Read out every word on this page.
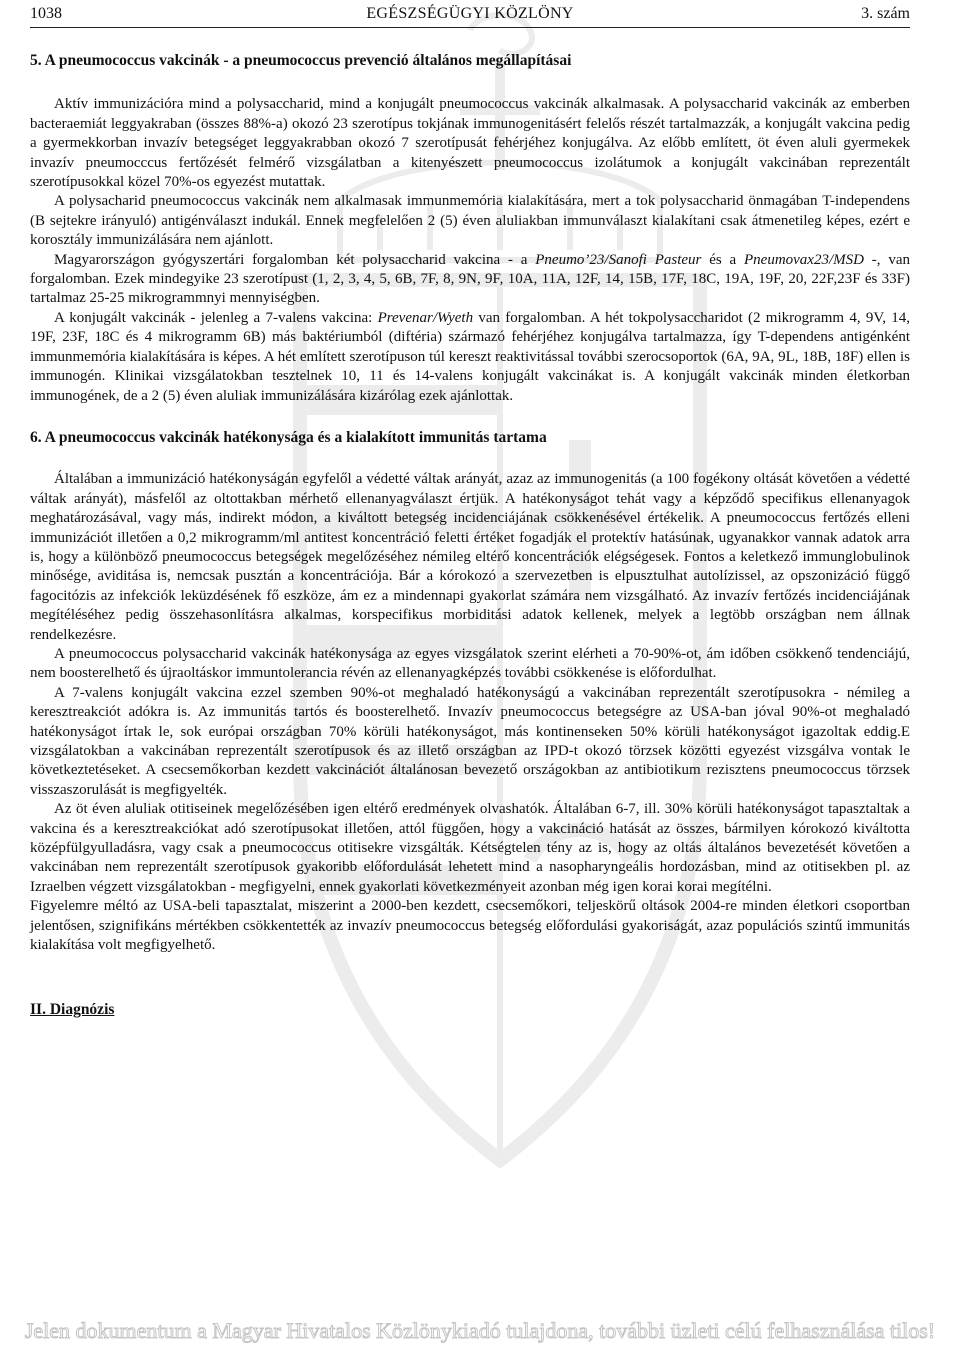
1038	EGÉSZSÉGÜGYI KÖZLÖNY	3. szám
5. A pneumococcus vakcinák - a pneumococcus prevenció általános megállapításai

Aktív immunizációra mind a polysaccharid, mind a konjugált pneumococcus vakcinák alkalmasak. A polysaccharid vakcinák az emberben bacteraemiát leggyakraban (összes 88%-a) okozó 23 szerotípus tokjának immunogenitásért felelős részét tartalmazzák, a konjugált vakcina pedig a gyermekkorban invazív betegséget leggyakrabban okozó 7 szerotípusát fehérjéhez konjugálva. Az előbb említett, öt éven aluli gyermekek invazív pneumocccus fertőzését felmérő vizsgálatban a kitenyészett pneumococcus izolátumok a konjugált vakcinában reprezentált szerotípusokkal közel 70%-os egyezést mutattak.

A polysacharid pneumococcus vakcinák nem alkalmasak immunmemória kialakítására, mert a tok polysaccharid önmagában T-independens (B sejtekre irányuló) antigénválaszt indukál. Ennek megfelelően 2 (5) éven aluliakban immunválaszt kialakítani csak átmenetileg képes, ezért e korosztály immunizálására nem ajánlott.

Magyarországon gyógyszertári forgalomban két polysaccharid vakcina - a Pneumo’23/Sanofi Pasteur és a Pneumovax23/MSD -, van forgalomban. Ezek mindegyike 23 szerotípust (1, 2, 3, 4, 5, 6B, 7F, 8, 9N, 9F, 10A, 11A, 12F, 14, 15B, 17F, 18C, 19A, 19F, 20, 22F,23F és 33F) tartalmaz 25-25 mikrogrammnyi mennyiségben.

A konjugált vakcinák - jelenleg a 7-valens vakcina: Prevenar/Wyeth van forgalomban. A hét tokpolysaccharidot (2 mikrogramm 4, 9V, 14, 19F, 23F, 18C és 4 mikrogramm 6B) más baktériumból (diftéria) származó fehérjéhez konjugálva tartalmazza, így T-dependens antigénként immunmemória kialakítására is képes. A hét említett szerotípuson túl kereszt reaktivitással további szerocsoportok (6A, 9A, 9L, 18B, 18F) ellen is immunogén. Klinikai vizsgálatokban tesztelnek 10, 11 és 14-valens konjugált vakcinákat is. A konjugált vakcinák minden életkorban immunogének, de a 2 (5) éven aluliak immunizálására kizárólag ezek ajánlottak.

6. A pneumococcus vakcinák hatékonysága és a kialakított immunitás tartama

Általában a immunizáció hatékonyságán egyfelől a védetté váltak arányát, azaz az immunogenitás (a 100 fogékony oltását követően a védetté váltak arányát), másfelől az oltottakban mérhető ellenanyagválaszt értjük. A hatékonyságot tehát vagy a képződő specifikus ellenanyagok meghatározásával, vagy más, indirekt módon, a kiváltott betegség incidenciájának csökkenésével értékelik. A pneumococcus fertőzés elleni immunizációt illetően a 0,2 mikrogramm/ml antitest koncentráció feletti értéket fogadják el protektív hatásúnak, ugyanakkor vannak adatok arra is, hogy a különböző pneumococcus betegségek megelőzéséhez némileg eltérő koncentrációk elégségesek. Fontos a keletkező immunglobulinok minősége, aviditása is, nemcsak pusztán a koncentrációja. Bár a kórokozó a szervezetben is elpusztulhat autolízissel, az opszonizáció függő fagocitózis az infekciók leküzdésének fő eszköze, ám ez a mindennapi gyakorlat számára nem vizsgálható. Az invazív fertőzés incidenciájának megítéléséhez pedig összehasonlításra alkalmas, korspecifikus morbiditási adatok kellenek, melyek a legtöbb országban nem állnak rendelkezésre.

A pneumococcus polysaccharid vakcinák hatékonysága az egyes vizsgálatok szerint elérheti a 70-90%-ot, ám időben csökkenő tendenciájú, nem boosterelhető és újraoltáskor immuntolerancia révén az ellenanyagképzés további csökkenése is előfordulhat.

A 7-valens konjugált vakcina ezzel szemben 90%-ot meghaladó hatékonyságú a vakcinában reprezentált szerotípusokra - némileg a keresztreakciót adókra is. Az immunitás tartós és boosterelhető. Invazív pneumococcus betegségre az USA-ban jóval 90%-ot meghaladó hatékonyságot írtak le, sok európai országban 70% körüli hatékonyságot, más kontinenseken 50% körüli hatékonyságot igazoltak eddig.E vizsgálatokban a vakcinában reprezentált szerotípusok és az illető országban az IPD-t okozó törzsek közötti egyezést vizsgálva vontak le következtetéseket. A csecsemőkorban kezdett vakcinációt általánosan bevezető országokban az antibiotikum rezisztens pneumococcus törzsek visszaszorulását is megfigyelték.

Az öt éven aluliak otitiseinek megelőzésében igen eltérő eredmények olvashatók. Általában 6-7, ill. 30% körüli hatékonyságot tapasztaltak a vakcina és a keresztreakciókat adó szerotípusokat illetően, attól függően, hogy a vakcináció hatását az összes, bármilyen kórokozó kiváltotta középfülgyulladásra, vagy csak a pneumococcus otitisekre vizsgálták. Kétségtelen tény az is, hogy az oltás általános bevezetését követően a vakcinában nem reprezentált szerotípusok gyakoribb előfordulását lehetett mind a nasopharyngeális hordozásban, mind az otitisekben pl. az Izraelben végzett vizsgálatokban - megfigyelni, ennek gyakorlati következményeit azonban még igen korai korai megítélni.

Figyelemre méltó az USA-beli tapasztalat, miszerint a 2000-ben kezdett, csecsemőkori, teljeskörű oltások 2004-re minden életkori csoportban jelentősen, szignifikáns mértékben csökkentették az invazív pneumococcus betegség előfordulási gyakoriságát, azaz populációs szintű immunitás kialakítása volt megfigyelhető.

II. Diagnózis
Jelen dokumentum a Magyar Hivatalos Közlönykiadó tulajdona, további üzleti célú felhasználása tilos!
